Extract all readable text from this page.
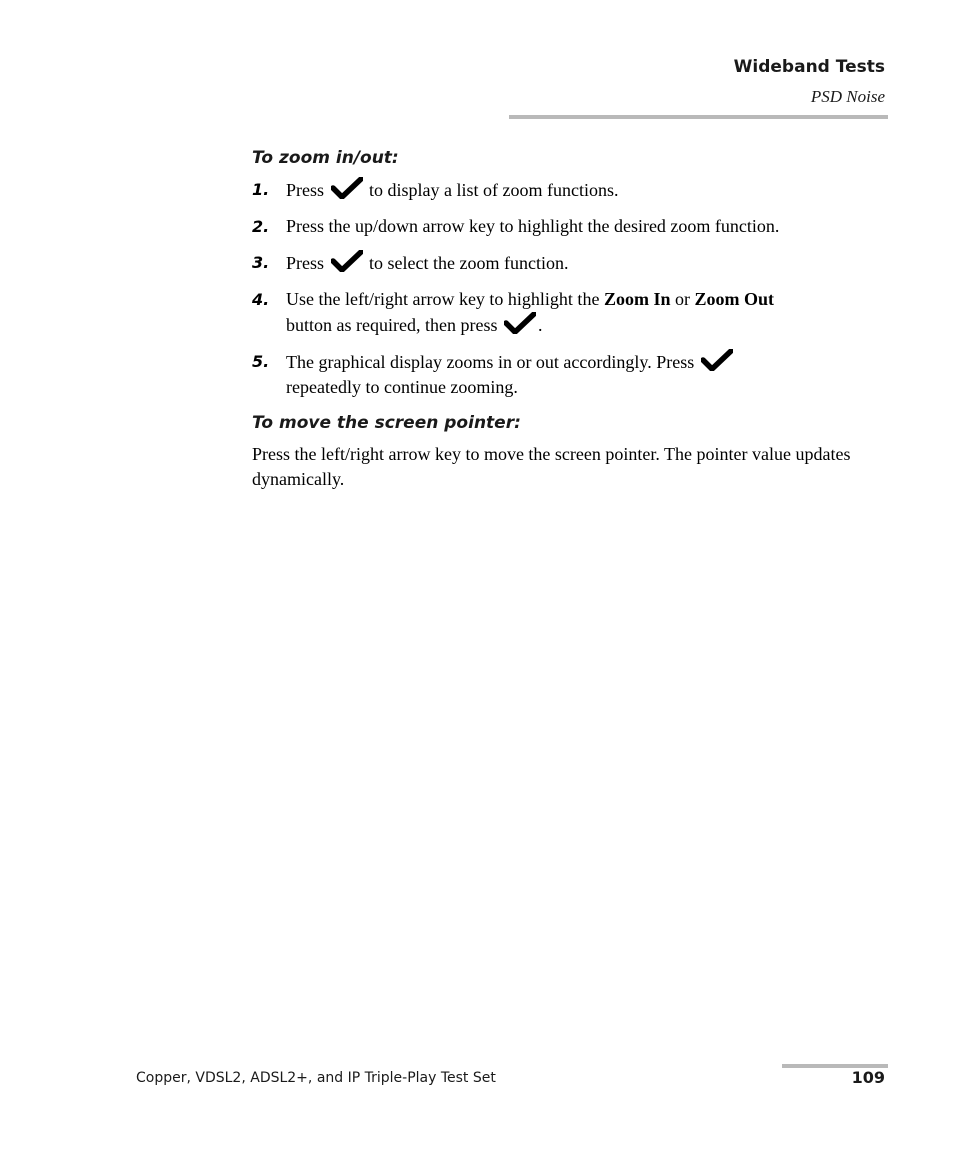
Wideband Tests
PSD Noise
To zoom in/out:
1. Press	to display a list of zoom functions.
2. Press the up/down arrow key to highlight the desired zoom function.
3. Press	to select the zoom function.
4. Use the left/right arrow key to highlight the Zoom In or Zoom Out
button as required, then press .
5. The graphical display zooms in or out accordingly. Press

repeatedly to continue zooming.
To move the screen pointer:

Press the left/right arrow key to move the screen pointer. The pointer value updates dynamically.

Copper, VDSL2, ADSL2+, and IP Triple-Play Test Set	109
